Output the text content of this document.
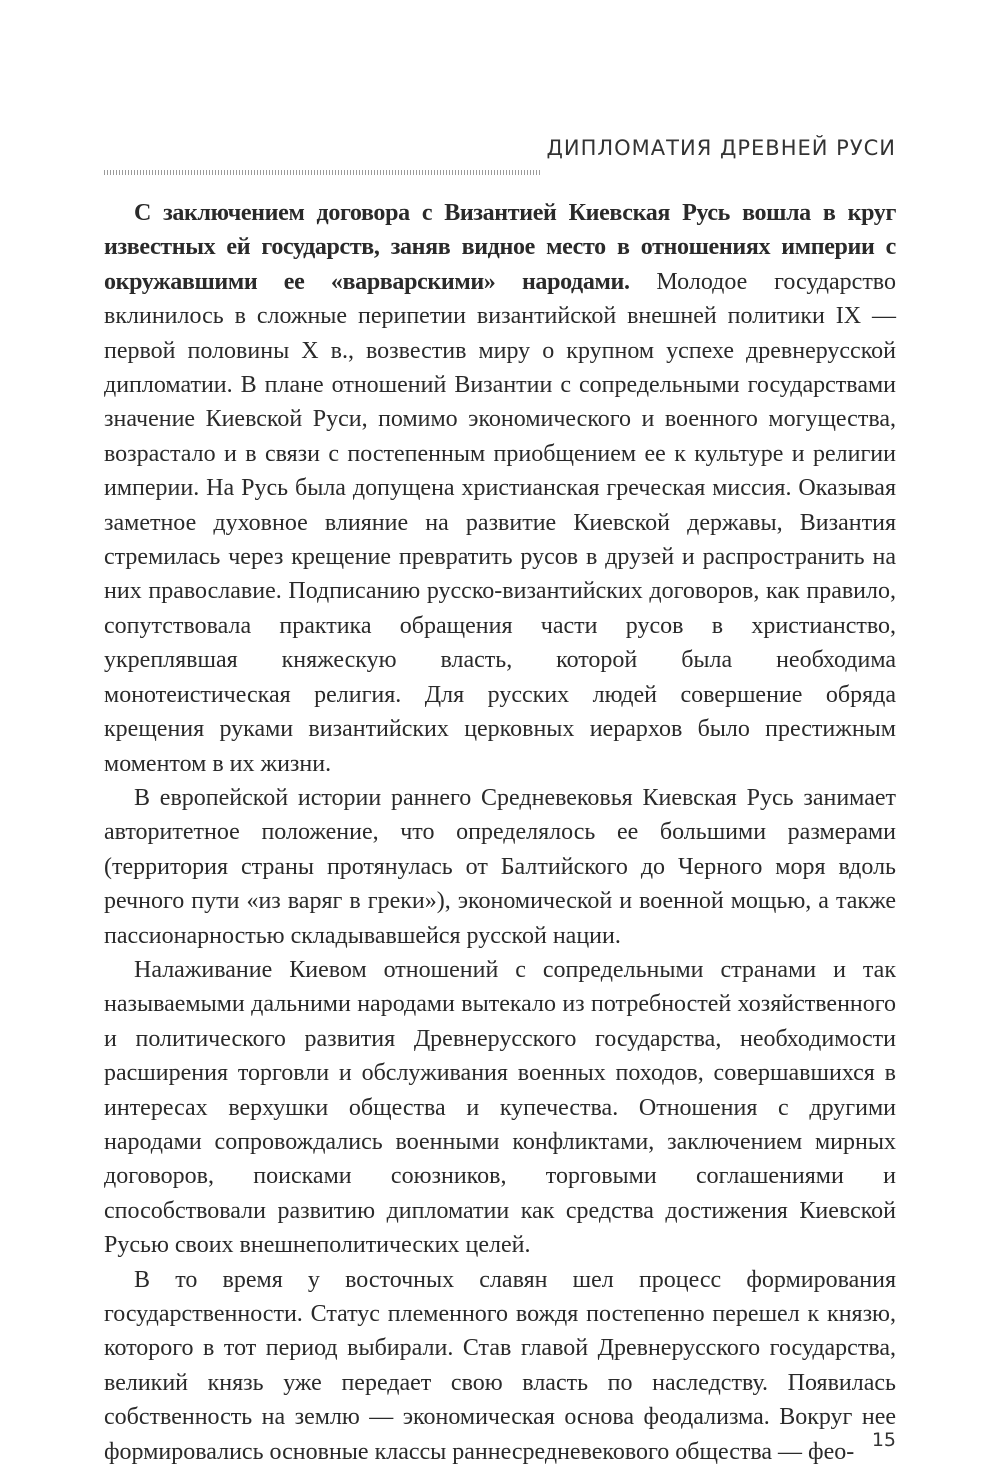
ДИПЛОМАТИЯ ДРЕВНЕЙ РУСИ

С заключением договора с Византией Киевская Русь вошла в круг известных ей государств, заняв видное место в отношениях империи с окружавшими ее «варварскими» народами. Молодое государство вклинилось в сложные перипетии византийской внешней политики IX — первой половины X в., возвестив миру о крупном успехе древнерусской дипломатии. В плане отношений Византии с сопредельными государствами значение Киевской Руси, помимо экономического и военного могущества, возрастало и в связи с постепенным приобщением ее к культуре и религии империи. На Русь была допущена христианская греческая миссия. Оказывая заметное духовное влияние на развитие Киевской державы, Византия стремилась через крещение превратить русов в друзей и распространить на них православие. Подписанию русско-византийских договоров, как правило, сопутствовала практика обращения части русов в христианство, укреплявшая княжескую власть, которой была необходима монотеистическая религия. Для русских людей совершение обряда крещения руками византийских церковных иерархов было престижным моментом в их жизни.

В европейской истории раннего Средневековья Киевская Русь занимает авторитетное положение, что определялось ее большими размерами (территория страны протянулась от Балтийского до Черного моря вдоль речного пути «из варяг в греки»), экономической и военной мощью, а также пассионарностью складывавшейся русской нации.

Налаживание Киевом отношений с сопредельными странами и так называемыми дальними народами вытекало из потребностей хозяйственного и политического развития Древнерусского государства, необходимости расширения торговли и обслуживания военных походов, совершавшихся в интересах верхушки общества и купечества. Отношения с другими народами сопровождались военными конфликтами, заключением мирных договоров, поисками союзников, торговыми соглашениями и способствовали развитию дипломатии как средства достижения Киевской Русью своих внешнеполитических целей.

В то время у восточных славян шел процесс формирования государственности. Статус племенного вождя постепенно перешел к князю, которого в тот период выбирали. Став главой Древнерусского государства, великий князь уже передает свою власть по наследству. Появилась собственность на землю — экономическая основа феодализма. Вокруг нее формировались основные классы раннесредневекового общества — фео- 15
